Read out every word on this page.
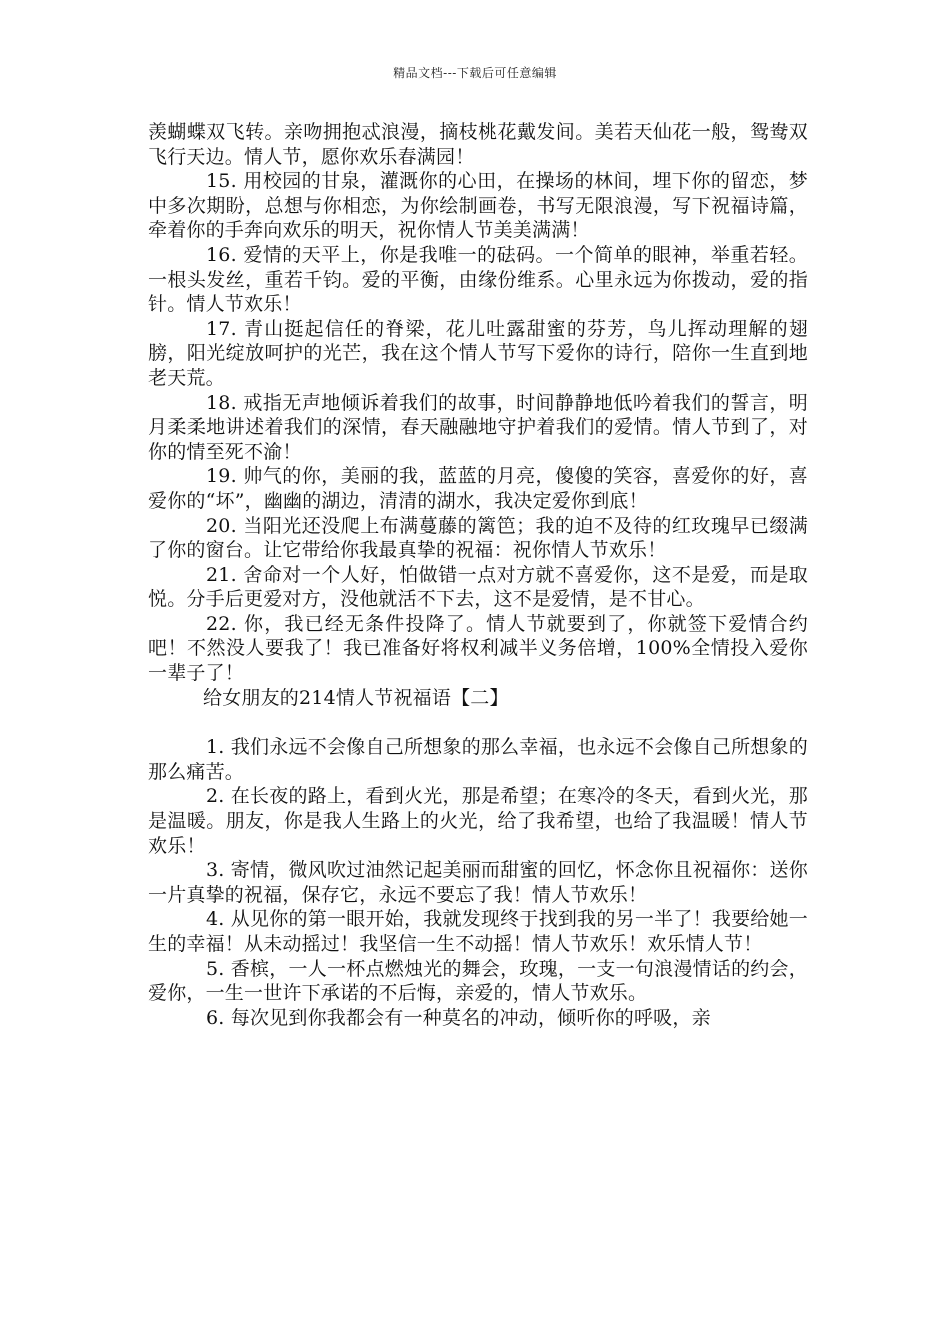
精品文档---下载后可任意编辑

羡蝴蝶双飞转。亲吻拥抱忒浪漫，摘枝桃花戴发间。美若天仙花一般，鸳鸯双飞行天边。情人节，愿你欢乐春满园！

15. 用校园的甘泉，灌溉你的心田，在操场的林间，埋下你的留恋，梦中多次期盼，总想与你相恋，为你绘制画卷，书写无限浪漫，写下祝福诗篇，牵着你的手奔向欢乐的明天，祝你情人节美美满满！

16. 爱情的天平上，你是我唯一的砝码。一个简单的眼神，举重若轻。一根头发丝，重若千钧。爱的平衡，由缘份维系。心里永远为你拨动，爱的指针。情人节欢乐！

17. 青山挺起信任的脊梁，花儿吐露甜蜜的芬芳，鸟儿挥动理解的翅膀，阳光绽放呵护的光芒，我在这个情人节写下爱你的诗行，陪你一生直到地老天荒。

18. 戒指无声地倾诉着我们的故事，时间静静地低吟着我们的誓言，明月柔柔地讲述着我们的深情，春天融融地守护着我们的爱情。情人节到了，对你的情至死不渝！

19. 帅气的你，美丽的我，蓝蓝的月亮，傻傻的笑容，喜爱你的好，喜爱你的“坏”，幽幽的湖边，清清的湖水，我决定爱你到底！

20. 当阳光还没爬上布满蔓藤的篱笆；我的迫不及待的红玫瑰早已缀满了你的窗台。让它带给你我最真挚的祝福：祝你情人节欢乐！

21. 舍命对一个人好，怕做错一点对方就不喜爱你，这不是爱，而是取悦。分手后更爱对方，没他就活不下去，这不是爱情，是不甘心。

22. 你，我已经无条件投降了。情人节就要到了，你就签下爱情合约吧！不然没人要我了！我已准备好将权利减半义务倍增，100%全情投入爱你一辈子了！

给女朋友的214情人节祝福语【二】

1. 我们永远不会像自己所想象的那么幸福，也永远不会像自己所想象的那么痛苦。

2. 在长夜的路上，看到火光，那是希望；在寒冷的冬天，看到火光，那是温暖。朋友，你是我人生路上的火光，给了我希望，也给了我温暖！情人节欢乐！

3. 寄情，微风吹过油然记起美丽而甜蜜的回忆，怀念你且祝福你：送你一片真挚的祝福，保存它，永远不要忘了我！情人节欢乐！

4. 从见你的第一眼开始，我就发现终于找到我的另一半了！我要给她一生的幸福！从未动摇过！我坚信一生不动摇！情人节欢乐！欢乐情人节！

5. 香槟，一人一杯点燃烛光的舞会，玫瑰，一支一句浪漫情话的约会，爱你，一生一世许下承诺的不后悔，亲爱的，情人节欢乐。

6. 每次见到你我都会有一种莫名的冲动，倾听你的呼吸，亲
